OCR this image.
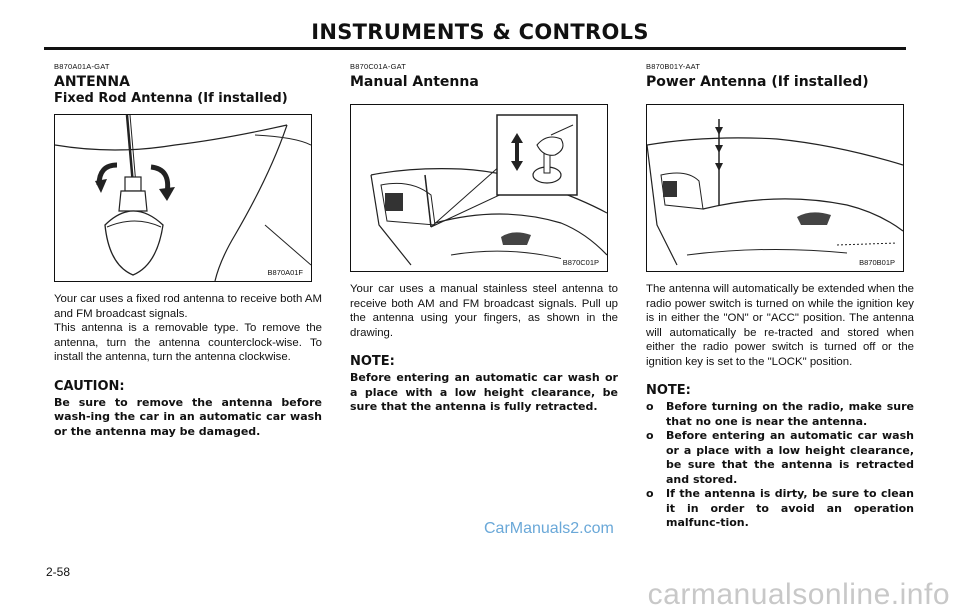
INSTRUMENTS & CONTROLS
B870A01A-GAT
ANTENNA
Fixed Rod Antenna (If installed)
B870A01F

Your car uses a fixed rod antenna to receive both AM and FM broadcast signals.

This antenna is a removable type. To remove the antenna, turn the antenna counterclock-wise. To install the antenna, turn the antenna clockwise.

CAUTION:
Be sure to remove the antenna before wash-ing the car in an automatic car wash or the antenna may be damaged.
B870C01A-GAT
Manual Antenna
B870C01P

Your car uses a manual stainless steel antenna to receive both AM and FM broadcast signals. Pull up the antenna using your fingers, as shown in the drawing.

NOTE:
Before entering an automatic car wash or a place with a low height clearance, be sure that the antenna is fully retracted.
B870B01Y-AAT
Power Antenna (If installed)
B870B01P

The antenna will automatically be extended when the radio power switch is turned on while the ignition key is in either the "ON" or "ACC" position. The antenna will automatically be re-tracted and stored when either the radio power switch is turned off or the ignition key is set to the "LOCK" position.

NOTE:
o	Before turning on the radio, make sure that no one is near the antenna.
o	Before entering an automatic car wash or a place with a low height clearance, be sure that the antenna is retracted and stored.
o	If the antenna is dirty, be sure to clean it in order to avoid an operation malfunc-tion.
2-58
CarManuals2.com
carmanualsonline.info
